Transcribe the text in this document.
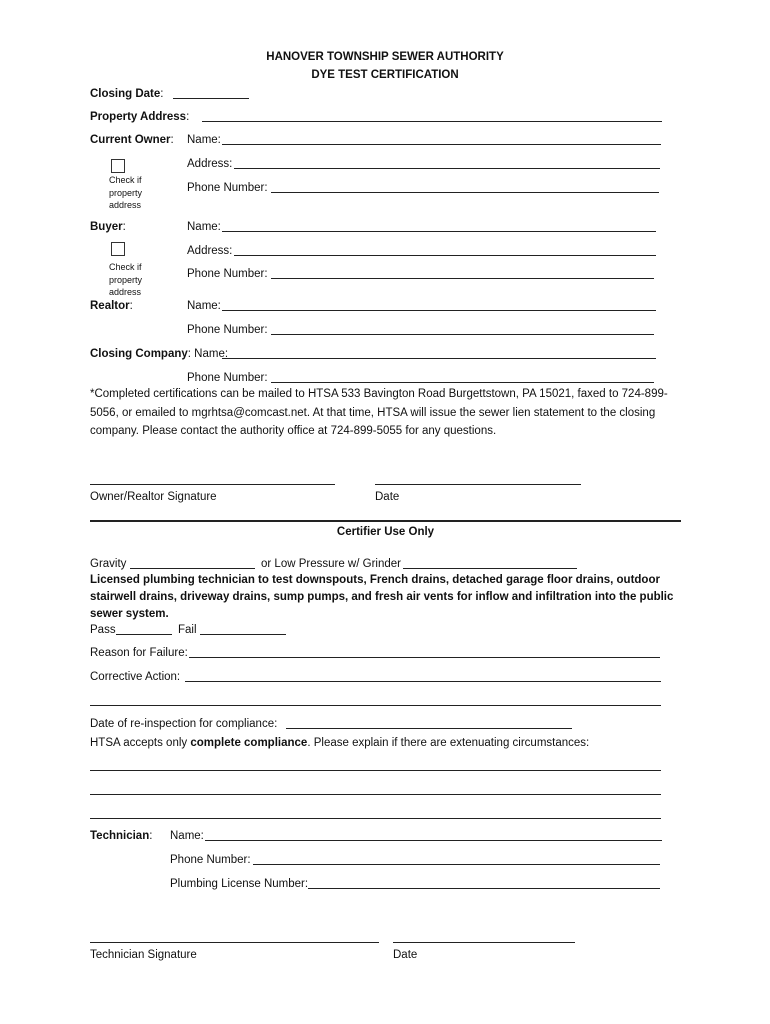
HANOVER TOWNSHIP SEWER AUTHORITY
DYE TEST CERTIFICATION
Closing Date:
Property Address:
Current Owner: Name:
Address:
Check if property address
Phone Number:
Buyer:	Name:
Address:
Check if property address
Phone Number:
Realtor:	Name:
Phone Number:
Closing Company: Name:
Phone Number:
*Completed certifications can be mailed to HTSA 533 Bavington Road Burgettstown, PA 15021, faxed to 724-899-5056, or emailed to mgrhtsa@comcast.net. At that time, HTSA will issue the sewer lien statement to the closing company. Please contact the authority office at 724-899-5055 for any questions.
Owner/Realtor Signature	Date
Certifier Use Only
Gravity	or Low Pressure w/ Grinder
Licensed plumbing technician to test downspouts, French drains, detached garage floor drains, outdoor stairwell drains, driveway drains, sump pumps, and fresh air vents for inflow and infiltration into the public sewer system.
Pass	Fail
Reason for Failure:
Corrective Action:
Date of re-inspection for compliance:
HTSA accepts only complete compliance. Please explain if there are extenuating circumstances:
Technician: Name:
Phone Number:
Plumbing License Number:
Technician Signature	Date
